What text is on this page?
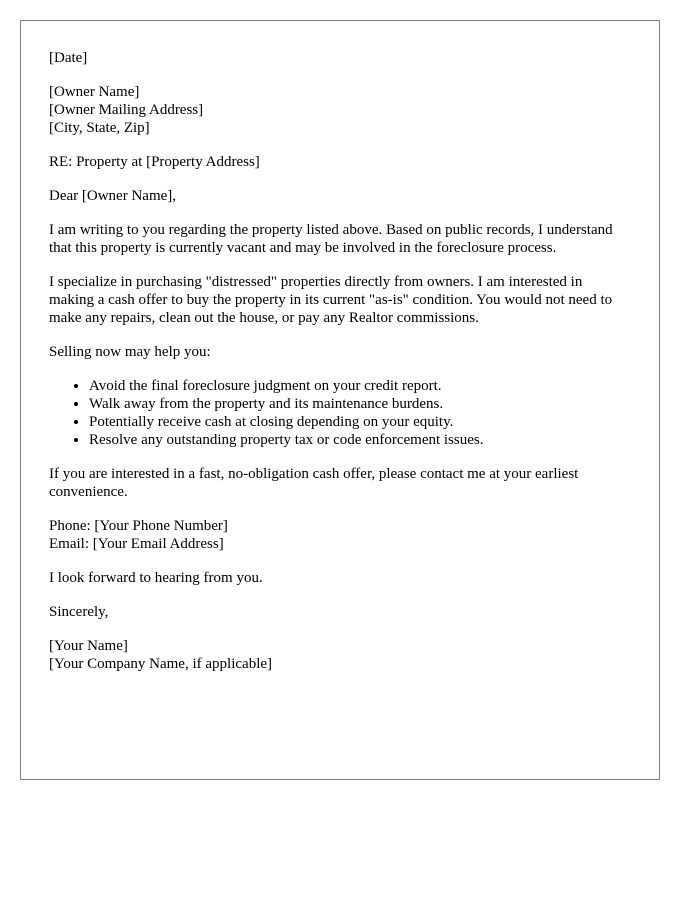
[Date]
[Owner Name]
[Owner Mailing Address]
[City, State, Zip]
RE: Property at [Property Address]
Dear [Owner Name],

I am writing to you regarding the property listed above. Based on public records, I understand that this property is currently vacant and may be involved in the foreclosure process.

I specialize in purchasing "distressed" properties directly from owners. I am interested in making a cash offer to buy the property in its current "as-is" condition. You would not need to make any repairs, clean out the house, or pay any Realtor commissions.

Selling now may help you:
• Avoid the final foreclosure judgment on your credit report.
• Walk away from the property and its maintenance burdens.
• Potentially receive cash at closing depending on your equity.
• Resolve any outstanding property tax or code enforcement issues.

If you are interested in a fast, no-obligation cash offer, please contact me at your earliest convenience.

Phone: [Your Phone Number]
Email: [Your Email Address]
I look forward to hearing from you.
Sincerely,
[Your Name]
[Your Company Name, if applicable]
